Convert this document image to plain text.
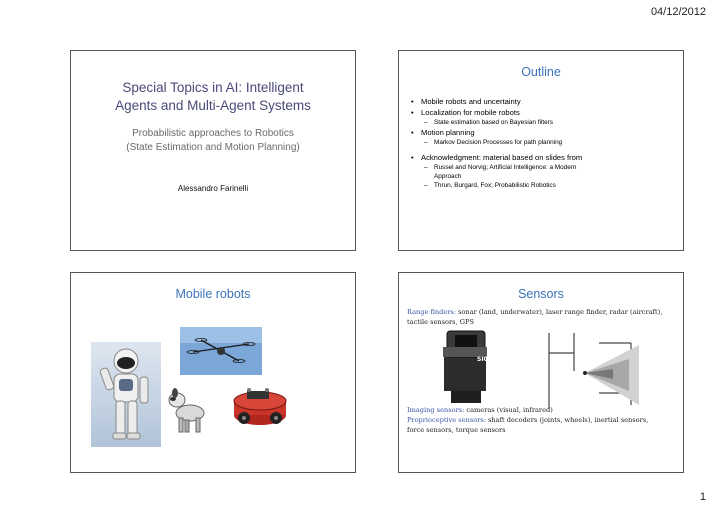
04/12/2012
Special Topics in AI: Intelligent
Agents and Multi-Agent Systems
Probabilistic approaches to Robotics
(State Estimation and Motion Planning)
Alessandro Farinelli
Outline
• Mobile robots and uncertainty
• Localization for mobile robots
– State estimation based on Bayesian filters
• Motion planning
– Markov Decision Processes for path planning
• Acknowledgment: material based on slides from
– Russel and Norvig; Artificial Intelligence: a Modern
Approach
– Thrun, Burgard, Fox; Probabilistic Robotics
Mobile robots	Sensors
Range finders: sonar (land, underwater), laser range finder, radar (aircraft),
tactile sensors, GPS
SICK
Imaging sensors: cameras (visual, infrared)
Proprioceptive sensors: shaft decoders (joints, wheels), inertial sensors,
force sensors, torque sensors
1
